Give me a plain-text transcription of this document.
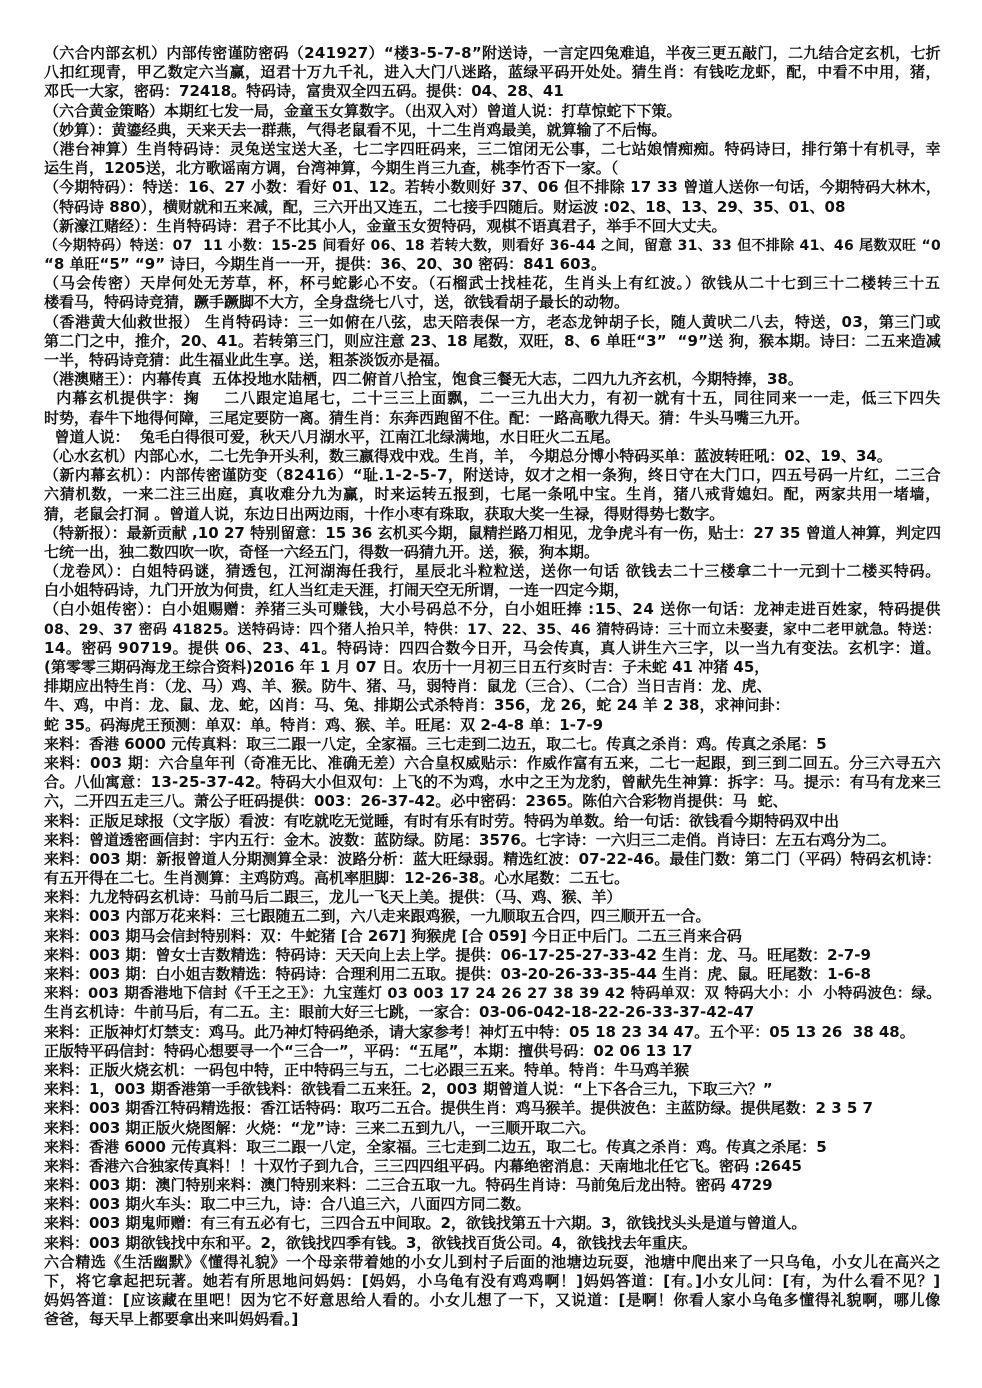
（六合内部玄机）内部传密谨防密码（241927）“楼3-5-7-8”附送诗，一言定四兔难追，半夜三更五敲门，二九结合定玄机，七折
八扣红现青，甲乙数定六当赢，迢君十万九千礼，进入大门八迷路，蓝绿平码开处处。猜生肖：有钱吃龙虾，配，中看不中用，猪，
邓氏一大家，密码：72418。特码诗，富贵双全四五码。提供：04、28、41
（六合黄金策略）本期红七发一局，金童玉女算数字。（出双入对）曾道人说：打草惊蛇下下策。
（妙算）：黄鎏经典，天来天去一群燕，气得老鼠看不见，十二生肖鸡最美，就算输了不后悔。
（港台神算）生肖特码诗：灵兔送宝送大圣，七二字四旺码来，三二馆闭无公事，二七站娘情痴痴。特码诗曰，排行第十有机寻，幸
运生肖，1205送，北方歌谣南方调，台湾神算，今期生肖三九查，桃李竹否下一家。（
（今期特码）：特送：16、27 小数：看好 01、12。若转小数则好 37、06 但不排除 17 33 曾道人送你一句话，今期特码大林木，
（特码诗 880），横财就和五来减，配，三六开出又连五，二七接手四随后。财运波 :02、18、13、29、35、01、08
（新濠江赌经）：生肖特码诗：君子不比其小人，金童玉女贺特码，观棋不语真君子，举手不回大丈夫。
（今期特码）特送：07  11 小数：15-25 间看好 06、18 若转大数，则看好 36-44 之间，留意 31、33 但不排除 41、46 尾数双旺 “0
“8 单旺“5” “9” 诗曰，今期生肖一一开，提供：36、20、30 密码：841 603。
（马会传密）天岸何处无芳草，杯，杯弓蛇影心不安。（石榴武士找桂花，生肖头上有红波。）欲钱从二十七到三十二楼转三十五
楼看马，特码诗竞猜，蹶手蹶脚不大方，全身盘绕七八寸，送，欲钱看胡子最长的动物。
（香港黄大仙救世报） 生肖特码诗：三一如俯在八弦，忠天陪表保一方，老态龙钟胡子长，随人黄吠二八去，特送，03，第三门或
第二门之中，推介，20、41。若转第三门，则应注意 23、18 尾数，双旺，8、6 单旺“3”  “9”送 狗，猴本期。诗曰：二五来造减
一半，特码诗竞猜：此生福业此生享。送，粗茶淡饭亦是福。
（港澳赌王）：内幕传真  五体投地水陆栖，四二俯首八拾宝，饱食三餐无大志，二四九九齐玄机，今期特捧，38。
内幕玄机提供字：掬    二八跟定追尾七，二十三三上面飘，二一三九出大力，有初一就有十五，同往同来一一走，低三下四失
时势，春牛下地得何障，三尾定要防一离。猜生肖：东奔西跑留不住。配：一路高歌九得天。猜：牛头马嘴三九开。
曾道人说：  兔毛白得很可爱，秋天八月湖水平，江南江北绿满地，水日旺火二五尾。
（心水玄机）内部心水，二七先争开头利，数三嬴得戏中戏。生肖，羊， 今期总分博小特码买单：蓝波转旺吼：02、19、34。
（新内幕玄机）：内部传密谨防变（82416）“耻.1-2-5-7，附送诗，奴才之相一条狗，终日守在大门口，四五号码一片红，二三合
六猜机数，一来二注三出庭，真收难分九为赢，时来运转五报到，七尾一条吼中宝。生肖，猪八戒背媳妇。配，两家共用一堵墙，
猜，老鼠会打洞 。曾道人说，东边日出两边雨，十作小枣有珠取，获取大奖一生禄，得财得势七数字。
（特新报）：最新贡献 ,10 27 特别留意：15 36 玄机买今期，鼠精拦路刀相见，龙争虎斗有一伤，贴士：27 35 曾道人神算，判定四
七统一出，独二数四吹一吹，奇怪一六经五门，得数一码猜九开。送，猴，狗本期。
（龙卷风）：白姐特码谜，猜透包，江河湖海任我行，星辰北斗粒粒送，送你一句话 欲钱去二十三楼拿二十一元到十二楼买特码。
白小姐特码诗，九门开放为何贵，红人当红走天涯，打闹天空无所谓，一连一四定今期，
（白小姐传密）：白小姐赐赠：养猪三头可赚钱，大小号码总不分，白小姐旺捧 :15、24 送你一句话：龙神走进百姓家，特码提供
08、29、37 密码 41825。送特码诗：四个猪人抬只羊，特供：17、22、35、46 猜特码诗：三十而立未娶妻，家中二老甲就急。特送：
14。密码 90719。提供 06、23、41。特码诗：四四合数今日开，马会传真，真人讲生六三字，以一当九有变法。玄机字：道。
(第零零三期码海龙王综合资料)2016 年 1 月 07 日。农历十一月初三日五行亥时吉：子未蛇 41 冲猪 45，
排期应出特生肖：（龙、马）鸡、羊、猴。防牛、猪、马，弱特肖：鼠龙（三合）、（二合）当日吉肖：龙、虎、
牛、鸡，中肖：龙、鼠、龙、蛇，凶肖：马、兔、排期公式杀特肖：356，龙 26，蛇 24 羊 2 38，求神问卦：
蛇 35。码海虎王预测：单双：单。特肖：鸡、猴、羊。旺尾：双 2-4-8 单：1-7-9
来料：香港 6000 元传真料：取三二跟一八定，全家福。三七走到二边五，取二七。传真之杀肖：鸡。传真之杀尾：5
来料：003 期：六合皇年刊（奇准无比、准确无差）六合皇权威贴示：作威作富有五来，二七一起跟，到三到二回五。分三六寻五六
合。八仙寓意：13-25-37-42。特码大小但双句：上飞的不为鸡，水中之王为龙豹，曾献先生神算：拆字：马。提示：有马有龙来三
六，二开四五走三八。萧公子旺码提供：003：26-37-42。必中密码：2365。陈伯六合彩物肖提供：马  蛇、
来料：正版足球报（文字版）看波：有吃就吃无觉睡，有时有乐有时劳。特码为单数。给一句话：欲钱看今期特码双中出
来料：曾道透密画信封：宇内五行：金木。波数：蓝防绿。防尾：3576。七字诗：一六归三二走俏。肖诗曰：左五右鸡分为二。
来料：003 期：新报曾道人分期测算全录：波路分析：蓝大旺绿弱。精选红波：07-22-46。最佳门数：第二门（平码）特码玄机诗：
有五开得在二七。生肖测算：主鸡防鸡。高机率胆脚：12-26-38。心水尾数：二五七。
来料：九龙特码玄机诗：马前马后二跟三，龙儿一飞天上美。提供：（马、鸡、猴、羊）
来料：003 内部万花来料：三七跟随五二到，六八走来跟鸡猴，一九顺取五合四，四三顺开五一合。
来料：003 期马会信封特别料：双：牛蛇猪 [合 267] 狗猴虎 [合 059] 今日正中后门。二五三肖来合码
来料：003 期：曾女士吉数精选：特码诗：天天向上去上学。提供：06-17-25-27-33-42 生肖：龙、马。旺尾数：2-7-9
来料：003 期：白小姐吉数精选：特码诗：合理利用二五取。提供：03-20-26-33-35-44 生肖：虎、鼠。旺尾数：1-6-8
来料：003 期香港地下信封《千王之王》：九宝莲灯 03 003 17 24 26 27 38 39 42 特码单双：双 特码大小：小  小特码波色：绿。
生肖玄机诗：牛前马后，有二五。主：眼前大好三七跳，一家合：03-06-042-18-22-26-33-37-42-47
来料：正版神灯灯禁支：鸡马。此乃神灯特码绝杀，请大家参考！神灯五中特：05 18 23 34 47。五个平：05 13 26  38 48。
正版特平码信封：特码心想要寻一个“三合一”，平码：“五尾”，本期：擅供号码：02 06 13 17
来料：正版火烧玄机：一码包中特，正中特码三与五，二七必跟三五来。特单。特肖：牛马鸡羊猴
来料：1，003 期香港第一手欲钱料：欲钱看二五来狂。2，003 期曾道人说：“上下各合三九，下取三六？”
来料：003 期香江特码精选报：香江话特码：取巧二五合。提供生肖：鸡马猴羊。提供波色：主蓝防绿。提供尾数：2 3 5 7
来料：003 期正版火烧图解：火烧：“龙”诗：三来二五到九八，一三顺开取二六。
来料：香港 6000 元传真料：取三二跟一八定，全家福。三七走到二边五，取二七。传真之杀肖：鸡。传真之杀尾：5
来料：香港六合独家传真料！！十双竹子到九合，三三四四组平码。内幕绝密消息：天南地北任它飞。密码 :2645
来料：003 期：澳门特别来料：澳门特别来料：二三合五取一九。特码生肖诗：马前兔后龙出特。密码 4729
来料：003 期火车头：取二中三九，诗：合八追三六，八面四方同二数。
来料：003 期鬼师赠：有三有五必有七，三四合五中间取。2，欲钱找第五十六期。3，欲钱找头头是道与曾道人。
来料：003 期欲钱找中东和平。2，欲钱找四季有钱。3，欲钱找百货公司。4，欲钱找去年重庆。
六合精选《生活幽默》《懂得礼貌》一个母亲带着她的小女儿到村子后面的池塘边玩耍，池塘中爬出来了一只乌龟，小女儿在高兴之
下，将它拿起把玩著。她若有所思地问妈妈：[妈妈，小乌龟有没有鸡鸡啊！]妈妈答道：[有。]小女儿问：[有，为什么看不见？]
妈妈答道：[应该藏在里吧！因为它不好意思给人看的。小女儿想了一下，又说道：[是啊！你看人家小乌龟多懂得礼貌啊，哪儿像
爸爸，每天早上都要拿出来叫妈妈看。]
